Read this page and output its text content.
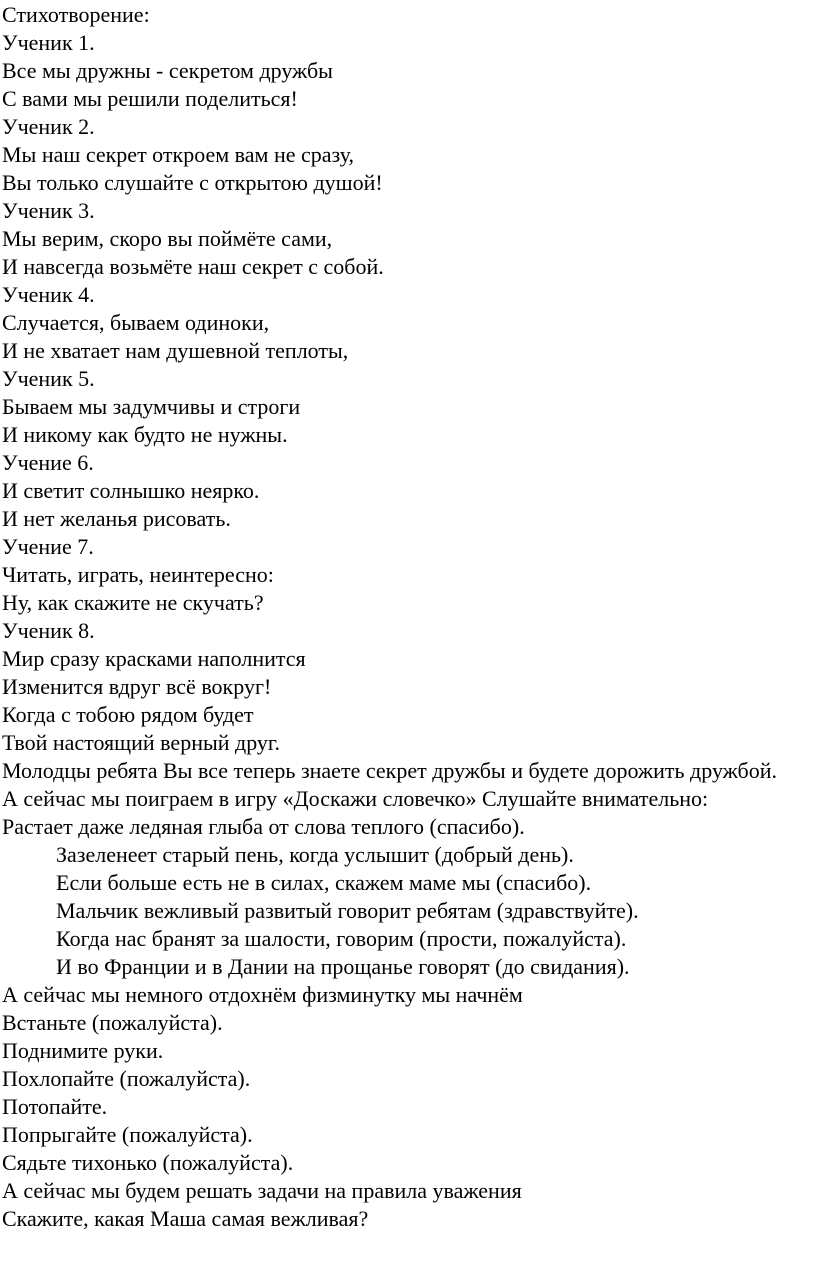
Стихотворение:
Ученик 1.
Все мы дружны - секретом дружбы
С вами мы решили поделиться!
Ученик 2.
Мы наш секрет откроем вам не сразу,
Вы только слушайте с открытою душой!
Ученик 3.
Мы верим, скоро вы поймёте сами,
И навсегда возьмёте наш секрет с собой.
Ученик 4.
Случается, бываем одиноки,
И не хватает нам душевной теплоты,
Ученик 5.
Бываем мы задумчивы и строги
И никому как будто не нужны.
Учение 6.
И светит солнышко неярко.
И нет желанья рисовать.
Учение 7.
Читать, играть, неинтересно:
Ну, как скажите не скучать?
Ученик 8.
Мир сразу красками наполнится
Изменится вдруг всё вокруг!
Когда с тобою рядом будет
Твой настоящий верный друг.
Молодцы ребята Вы все теперь знаете секрет дружбы и будете дорожить дружбой.
А сейчас мы поиграем в игру «Доскажи словечко» Слушайте внимательно:
Растает даже ледяная глыба от слова теплого (спасибо).
Зазеленеет старый пень, когда услышит (добрый день).
Если больше есть не в силах, скажем маме мы (спасибо).
Мальчик вежливый развитый говорит ребятам (здравствуйте).
Когда нас бранят за шалости, говорим (прости, пожалуйста).
И во Франции и в Дании на прощанье говорят (до свидания).
А сейчас мы немного отдохнём физминутку мы начнём
Встаньте (пожалуйста).
Поднимите руки.
Похлопайте (пожалуйста).
Потопайте.
Попрыгайте (пожалуйста).
Сядьте тихонько (пожалуйста).
А сейчас мы будем решать задачи на правила уважения
Скажите, какая Маша самая вежливая?
